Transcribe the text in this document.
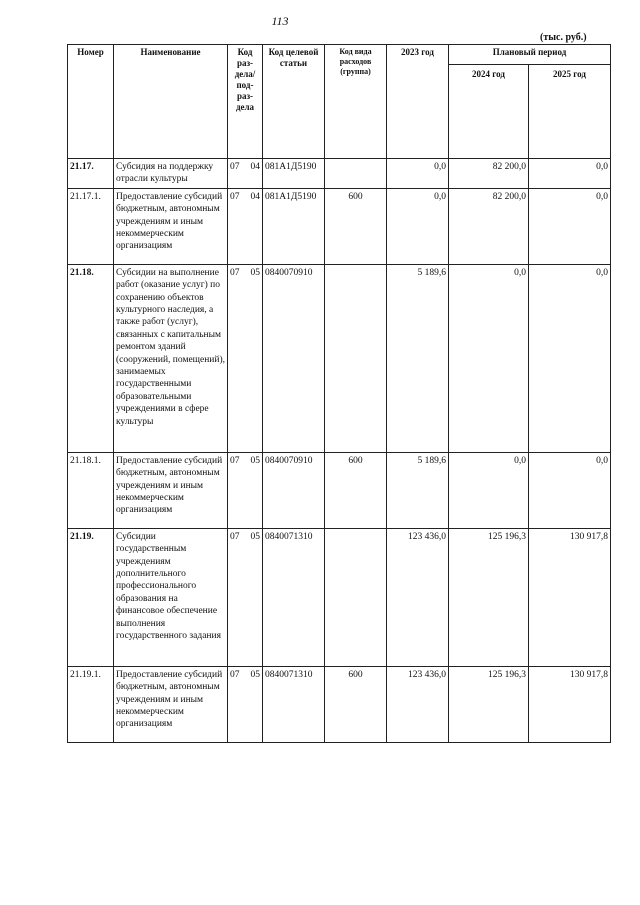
113
(тыс. руб.)
Номер	Наименование	Код раз- дела/ под- раз- дела	Код целевой статьи	Код вида расходов (группа)	2023 год	Плановый период	
						2024 год	2025 год
21.17.	Субсидия на поддержку отрасли культуры	07 04	081А1Д5190		0,0	82 200,0	0,0
21.17.1.	Предоставление субсидий бюджетным, автономным учреждениям и иным некоммерческим организациям	07 04	081А1Д5190	600	0,0	82 200,0	0,0
21.18.	Субсидии на выполнение работ (оказание услуг) по сохранению объектов культурного наследия, а также работ (услуг), связанных с капитальным ремонтом зданий (сооружений, помещений), занимаемых государственными образовательными учреждениями в сфере культуры	07 05	0840070910		5 189,6	0,0	0,0
21.18.1.	Предоставление субсидий бюджетным, автономным учреждениям и иным некоммерческим организациям	07 05	0840070910	600	5 189,6	0,0	0,0
21.19.	Субсидии государственным учреждениям дополнительного профессионального образования на финансовое обеспечение выполнения государственного задания	07 05	0840071310		123 436,0	125 196,3	130 917,8
21.19.1.	Предоставление субсидий бюджетным, автономным учреждениям и иным некоммерческим организациям	07 05	0840071310	600	123 436,0	125 196,3	130 917,8
